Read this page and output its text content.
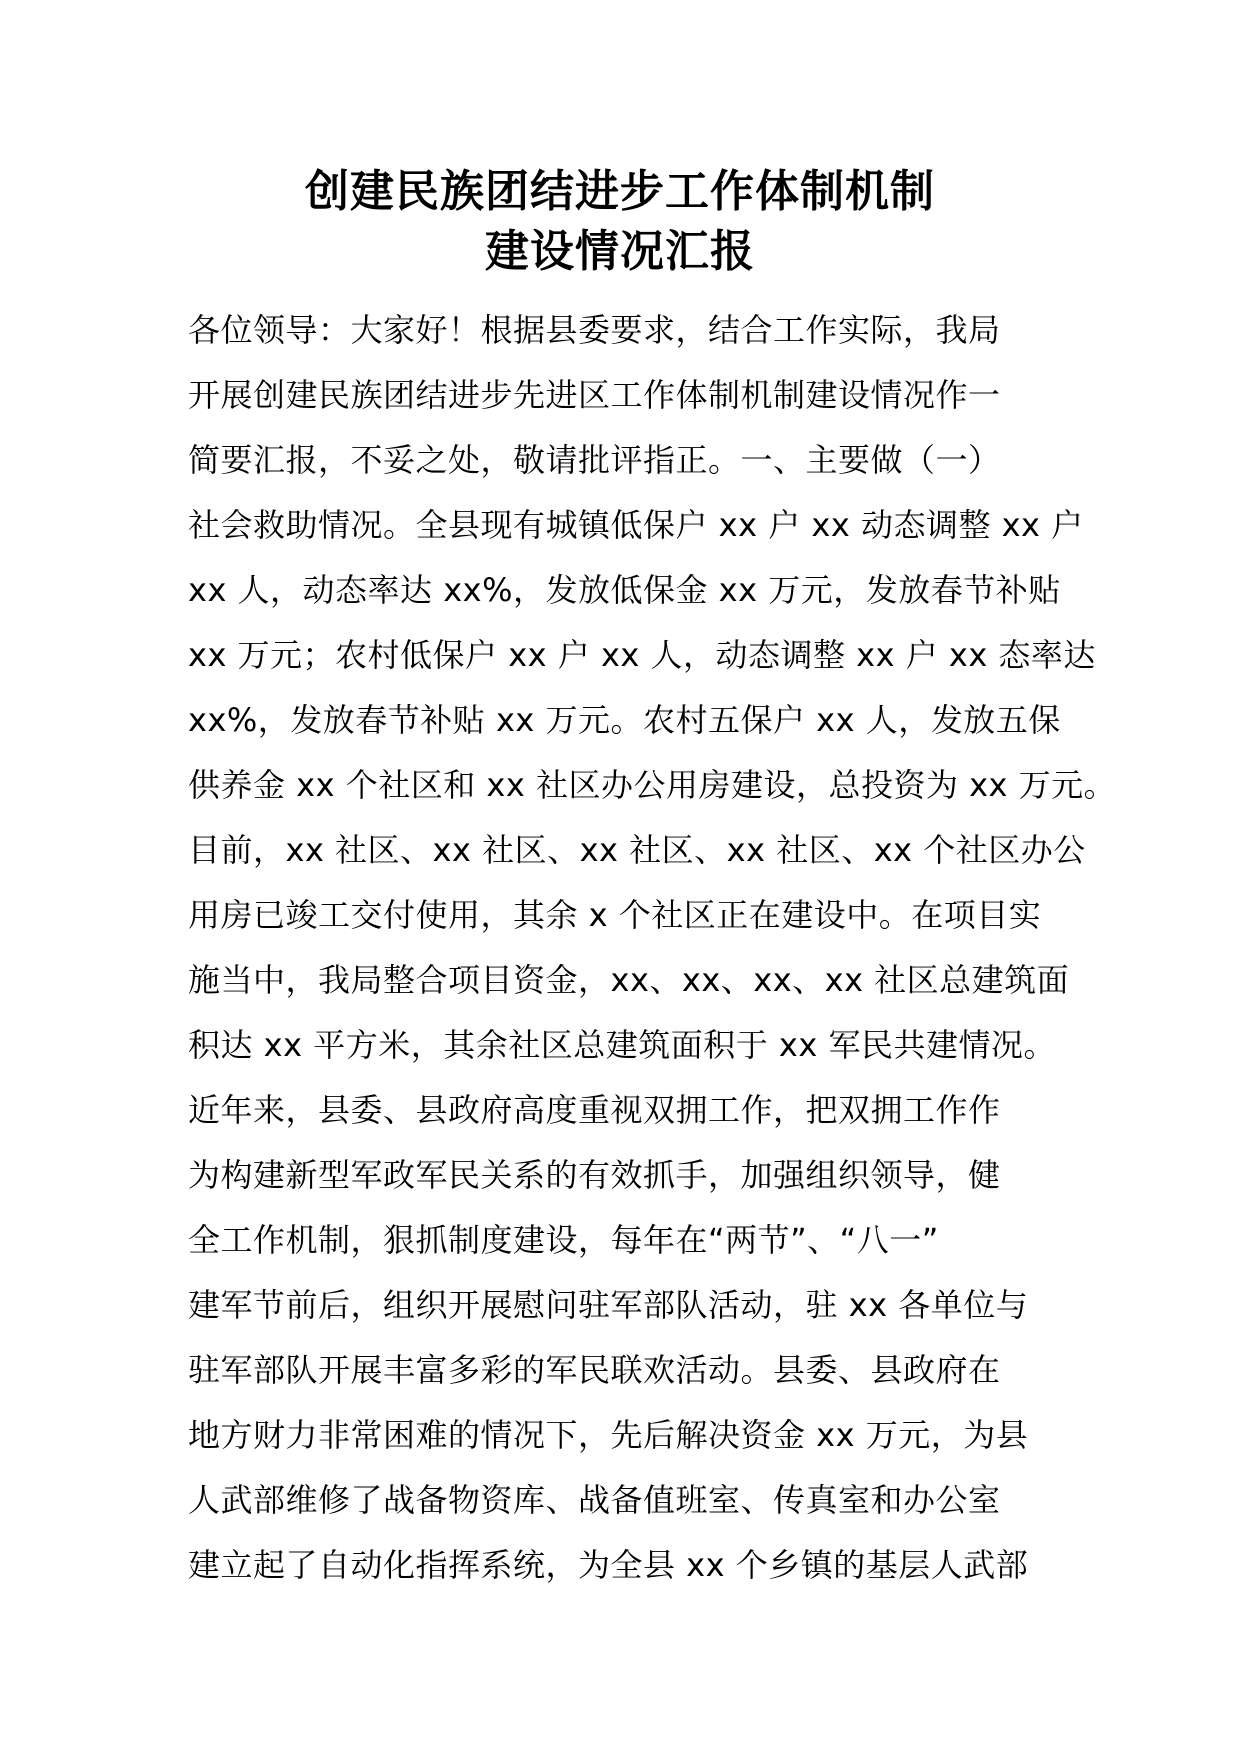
创建民族团结进步工作体制机制
建设情况汇报
各位领导：大家好！根据县委要求，结合工作实际，我局
开展创建民族团结进步先进区工作体制机制建设情况作一
简要汇报，不妥之处，敬请批评指正。一、主要做（一）
社会救助情况。全县现有城镇低保户 xx 户 xx 动态调整 xx 户
xx 人，动态率达 xx%，发放低保金 xx 万元，发放春节补贴
xx 万元；农村低保户 xx 户 xx 人，动态调整 xx 户 xx 态率达
xx%，发放春节补贴 xx 万元。农村五保户 xx 人，发放五保
供养金 xx 个社区和 xx 社区办公用房建设，总投资为 xx 万元。
目前，xx 社区、xx 社区、xx 社区、xx 社区、xx 个社区办公
用房已竣工交付使用，其余 x 个社区正在建设中。在项目实
施当中，我局整合项目资金，xx、xx、xx、xx 社区总建筑面
积达 xx 平方米，其余社区总建筑面积于 xx 军民共建情况。
近年来，县委、县政府高度重视双拥工作，把双拥工作作
为构建新型军政军民关系的有效抓手，加强组织领导，健
全工作机制，狠抓制度建设，每年在“两节”、“八一”
建军节前后，组织开展慰问驻军部队活动，驻 xx 各单位与
驻军部队开展丰富多彩的军民联欢活动。县委、县政府在
地方财力非常困难的情况下，先后解决资金 xx 万元，为县
人武部维修了战备物资库、战备值班室、传真室和办公室
建立起了自动化指挥系统，为全县 xx 个乡镇的基层人武部
